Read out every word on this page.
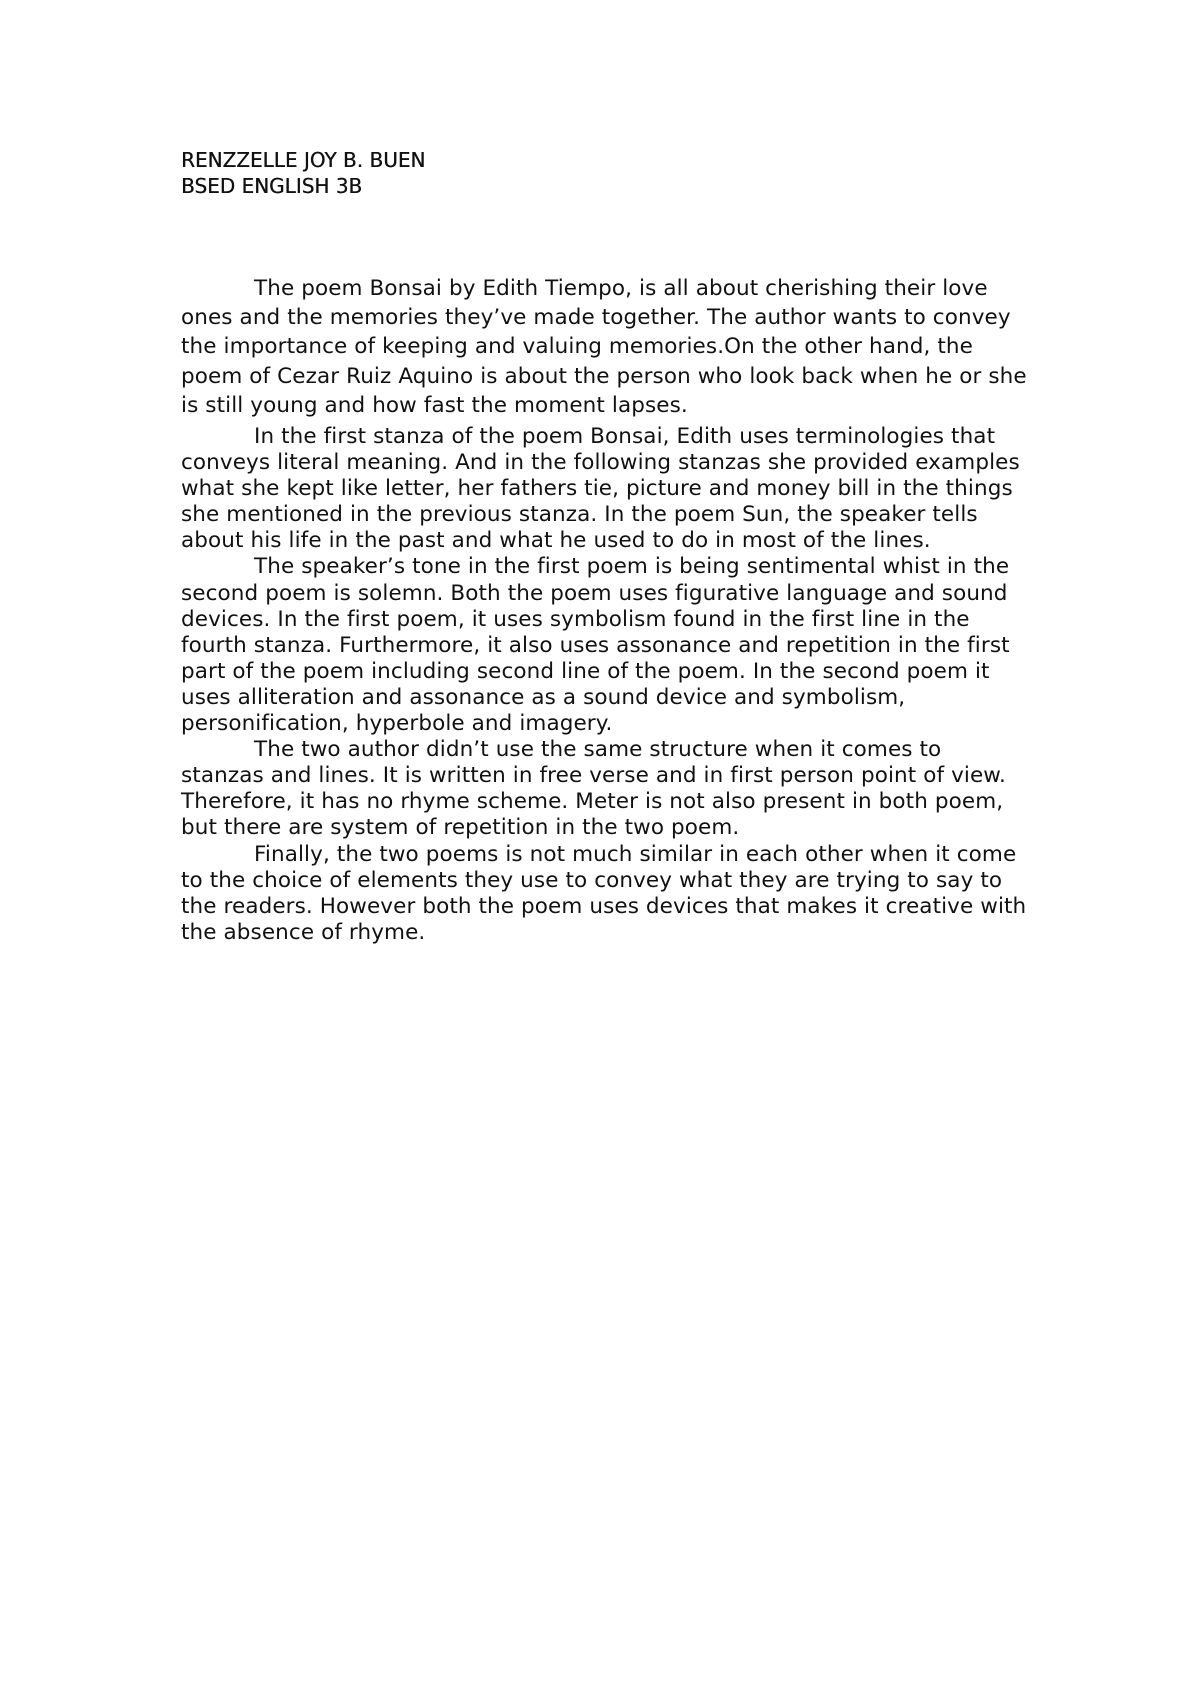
RENZZELLE JOY B. BUEN
BSED ENGLISH 3B

The poem Bonsai by Edith Tiempo, is all about cherishing their love ones and the memories they’ve made together. The author wants to convey the importance of keeping and valuing memories.On the other hand, the poem of Cezar Ruiz Aquino is about the person who look back when he or she is still young and how fast the moment lapses.

In the first stanza of the poem Bonsai, Edith uses terminologies that conveys literal meaning. And in the following stanzas she provided examples what she kept like letter, her fathers tie, picture and money bill in the things she mentioned in the previous stanza. In the poem Sun, the speaker tells about his life in the past and what he used to do in most of the lines.

The speaker’s tone in the first poem is being sentimental whist in the second poem is solemn. Both the poem uses figurative language and sound devices. In the first poem, it uses symbolism found in the first line in the fourth stanza. Furthermore, it also uses assonance and repetition in the first part of the poem including second line of the poem. In the second poem it uses alliteration and assonance as a sound device and symbolism, personification, hyperbole and imagery.

The two author didn’t use the same structure when it comes to stanzas and lines. It is written in free verse and in first person point of view. Therefore, it has no rhyme scheme. Meter is not also present in both poem, but there are system of repetition in the two poem.

Finally, the two poems is not much similar in each other when it come to the choice of elements they use to convey what they are trying to say to the readers. However both the poem uses devices that makes it creative with the absence of rhyme.
